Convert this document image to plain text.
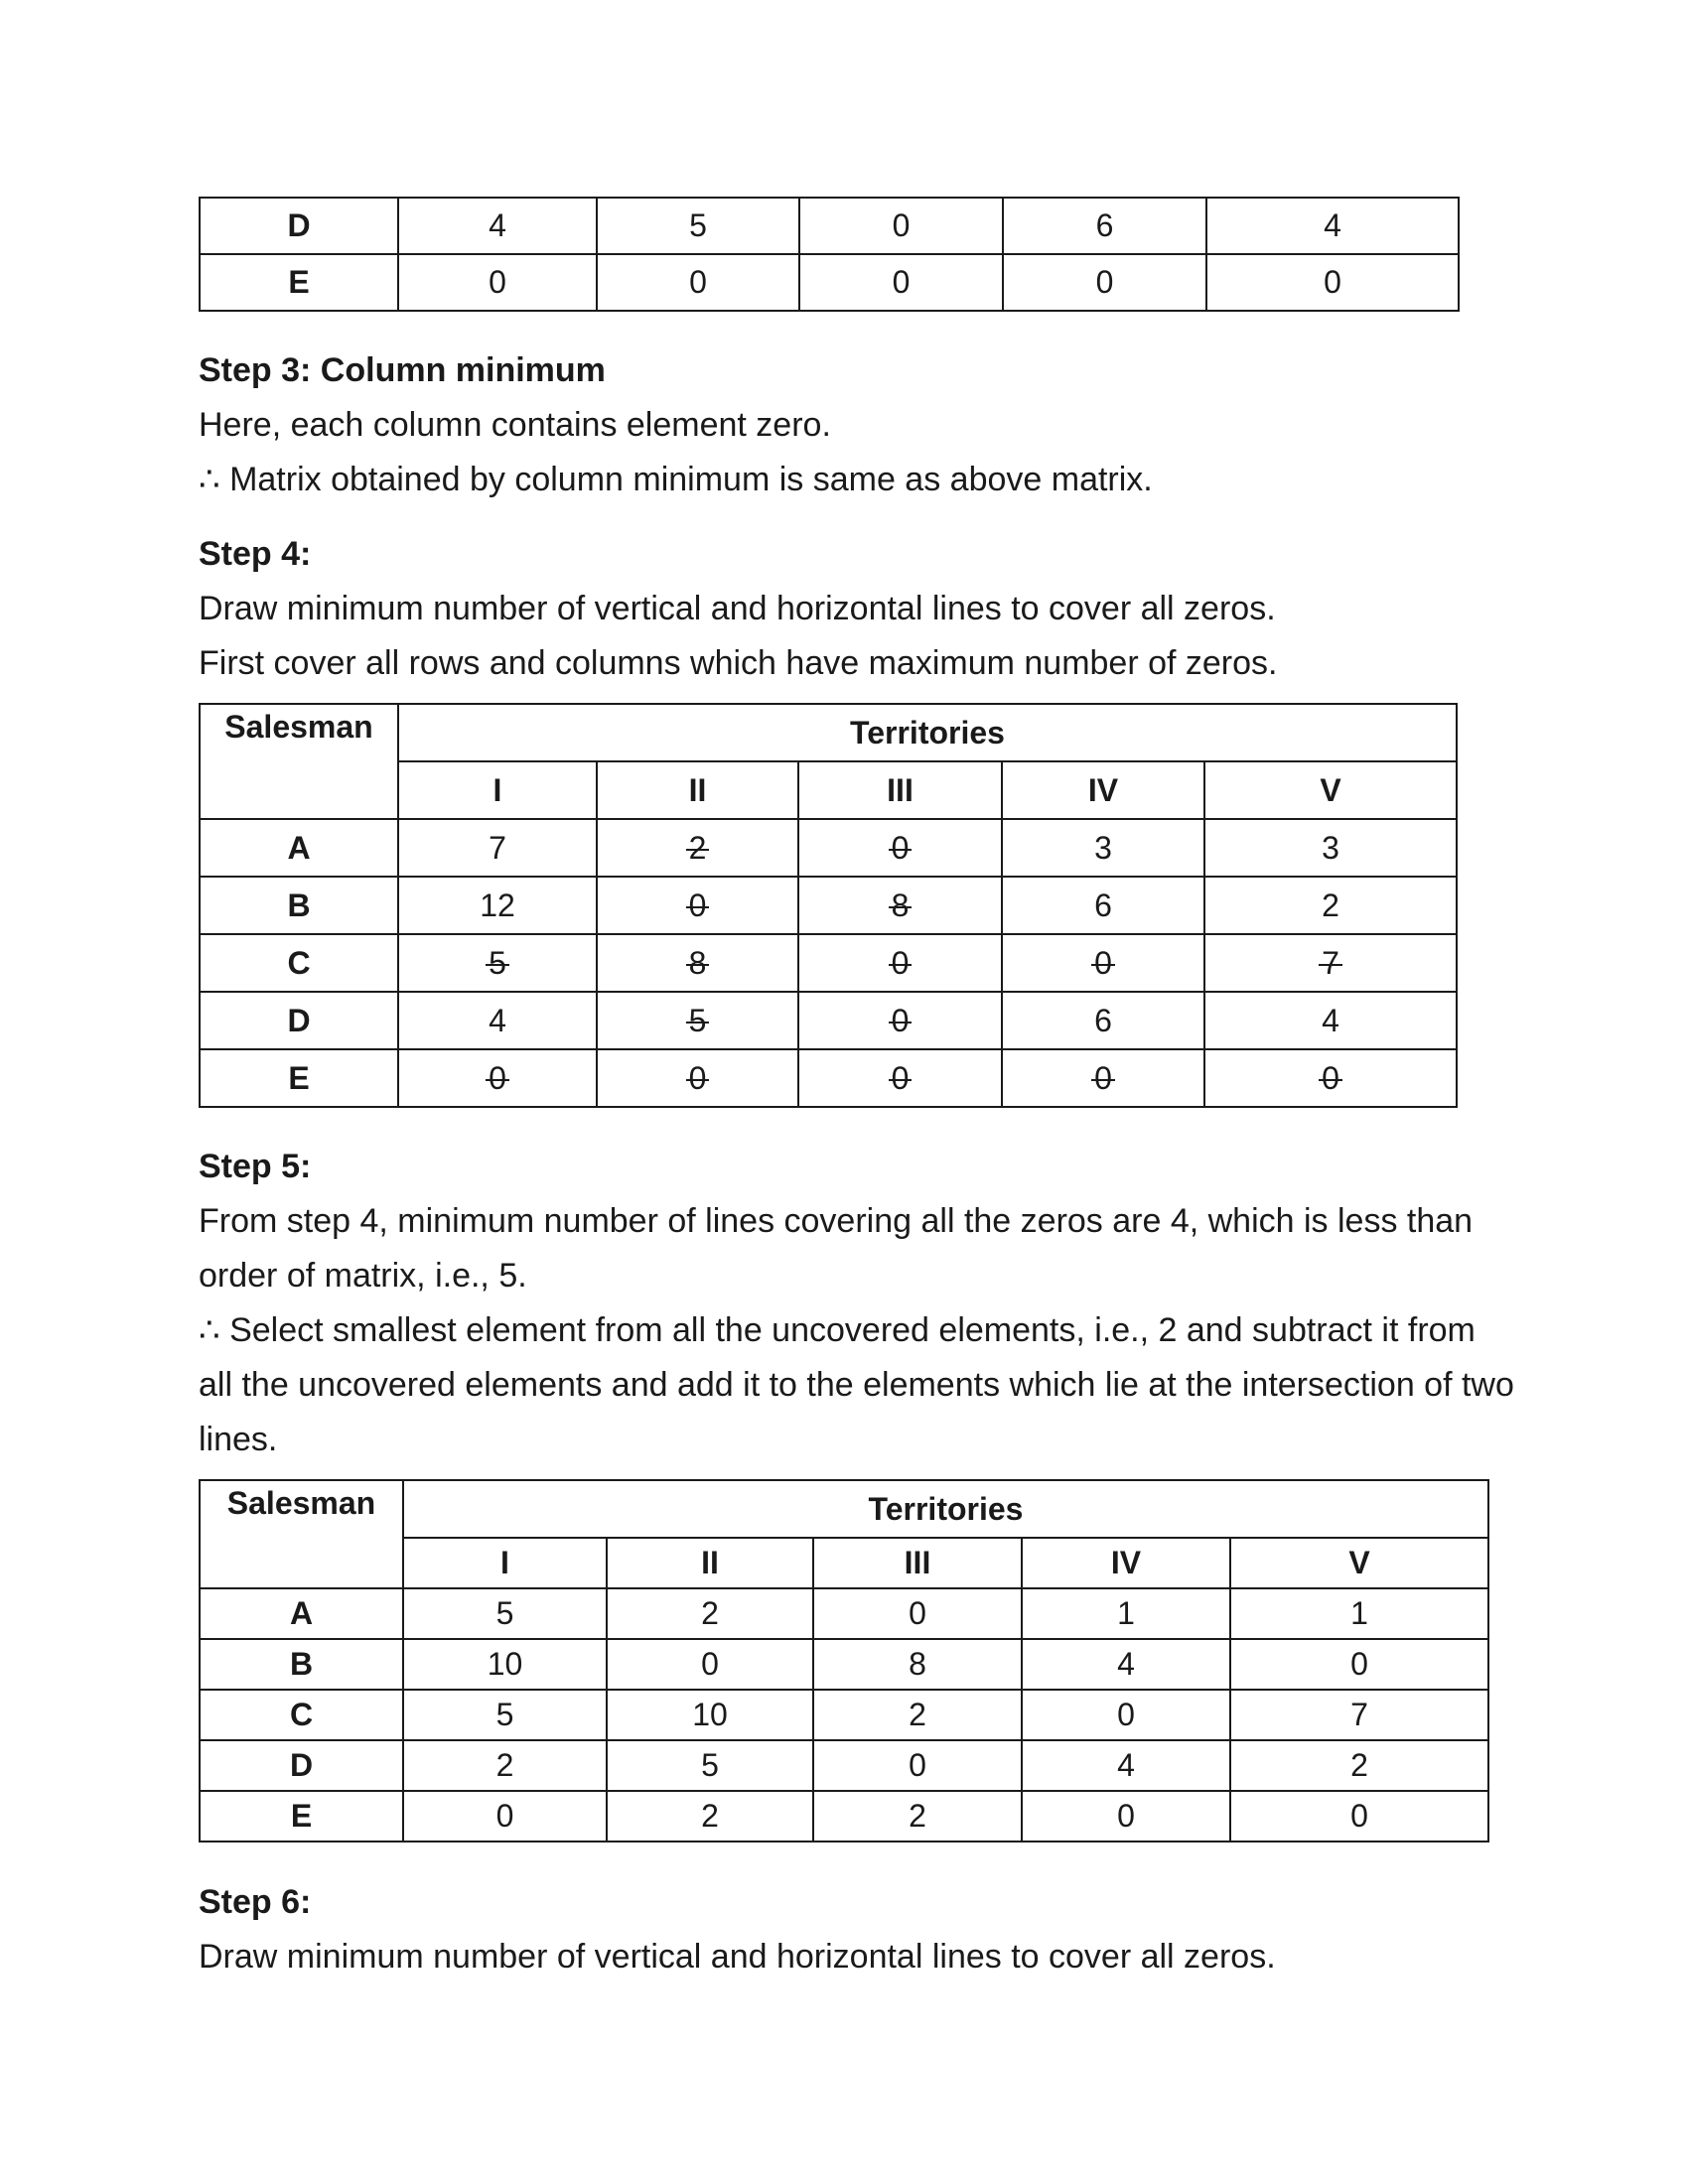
D	4	5	0	6	4
E	0	0	0	0	0
Step 3: Column minimum
Here, each column contains element zero.
∴ Matrix obtained by column minimum is same as above matrix.
Step 4:
Draw minimum number of vertical and horizontal lines to cover all zeros.
First cover all rows and columns which have maximum number of zeros.
Salesman	Territories				
	I	II	III	IV	V
A	7	2	0	3	3
B	12	0	8	6	2
C	5	8	0	0	7
D	4	5	0	6	4
E	0	0	0	0	0
Step 5:
From step 4, minimum number of lines covering all the zeros are 4, which is less than
order of matrix, i.e., 5.
∴ Select smallest element from all the uncovered elements, i.e., 2 and subtract it from
all the uncovered elements and add it to the elements which lie at the intersection of two
lines.
Salesman	Territories				
	I	II	III	IV	V
A	5	2	0	1	1
B	10	0	8	4	0
C	5	10	2	0	7
D	2	5	0	4	2
E	0	2	2	0	0
Step 6:
Draw minimum number of vertical and horizontal lines to cover all zeros.
